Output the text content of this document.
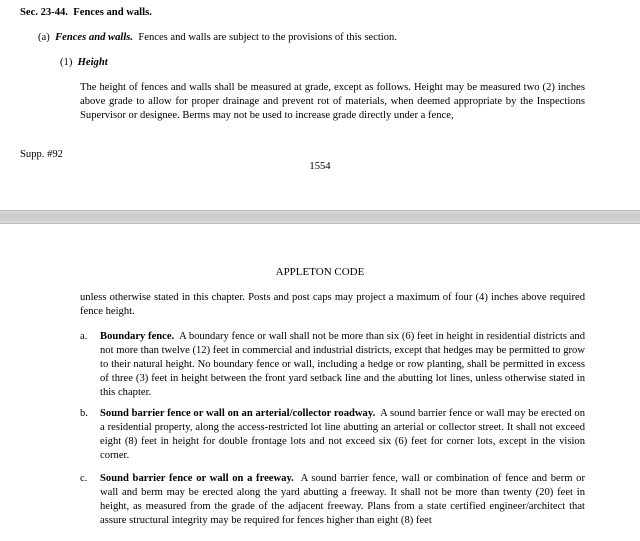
Sec. 23-44. Fences and walls.
(a) Fences and walls. Fences and walls are subject to the provisions of this section.
(1) Height
The height of fences and walls shall be measured at grade, except as follows. Height may be measured two (2) inches above grade to allow for proper drainage and prevent rot of materials, when deemed appropriate by the Inspections Supervisor or designee. Berms may not be used to increase grade directly under a fence,
Supp. #92
1554
APPLETON CODE
unless otherwise stated in this chapter. Posts and post caps may project a maximum of four (4) inches above required fence height.
a.	Boundary fence. A boundary fence or wall shall not be more than six (6) feet in height in residential districts and not more than twelve (12) feet in commercial and industrial districts, except that hedges may be permitted to grow to their natural height. No boundary fence or wall, including a hedge or row planting, shall be permitted in excess of three (3) feet in height between the front yard setback line and the abutting lot lines, unless otherwise stated in this chapter.
b.	Sound barrier fence or wall on an arterial/collector roadway. A sound barrier fence or wall may be erected on a residential property, along the access-restricted lot line abutting an arterial or collector street. It shall not exceed eight (8) feet in height for double frontage lots and not exceed six (6) feet for corner lots, except in the vision corner.
c.	Sound barrier fence or wall on a freeway. A sound barrier fence, wall or combination of fence and berm or wall and berm may be erected along the yard abutting a freeway. It shall not be more than twenty (20) feet in height, as measured from the grade of the adjacent freeway. Plans from a state certified engineer/architect that assure structural integrity may be required for fences higher than eight (8) feet
